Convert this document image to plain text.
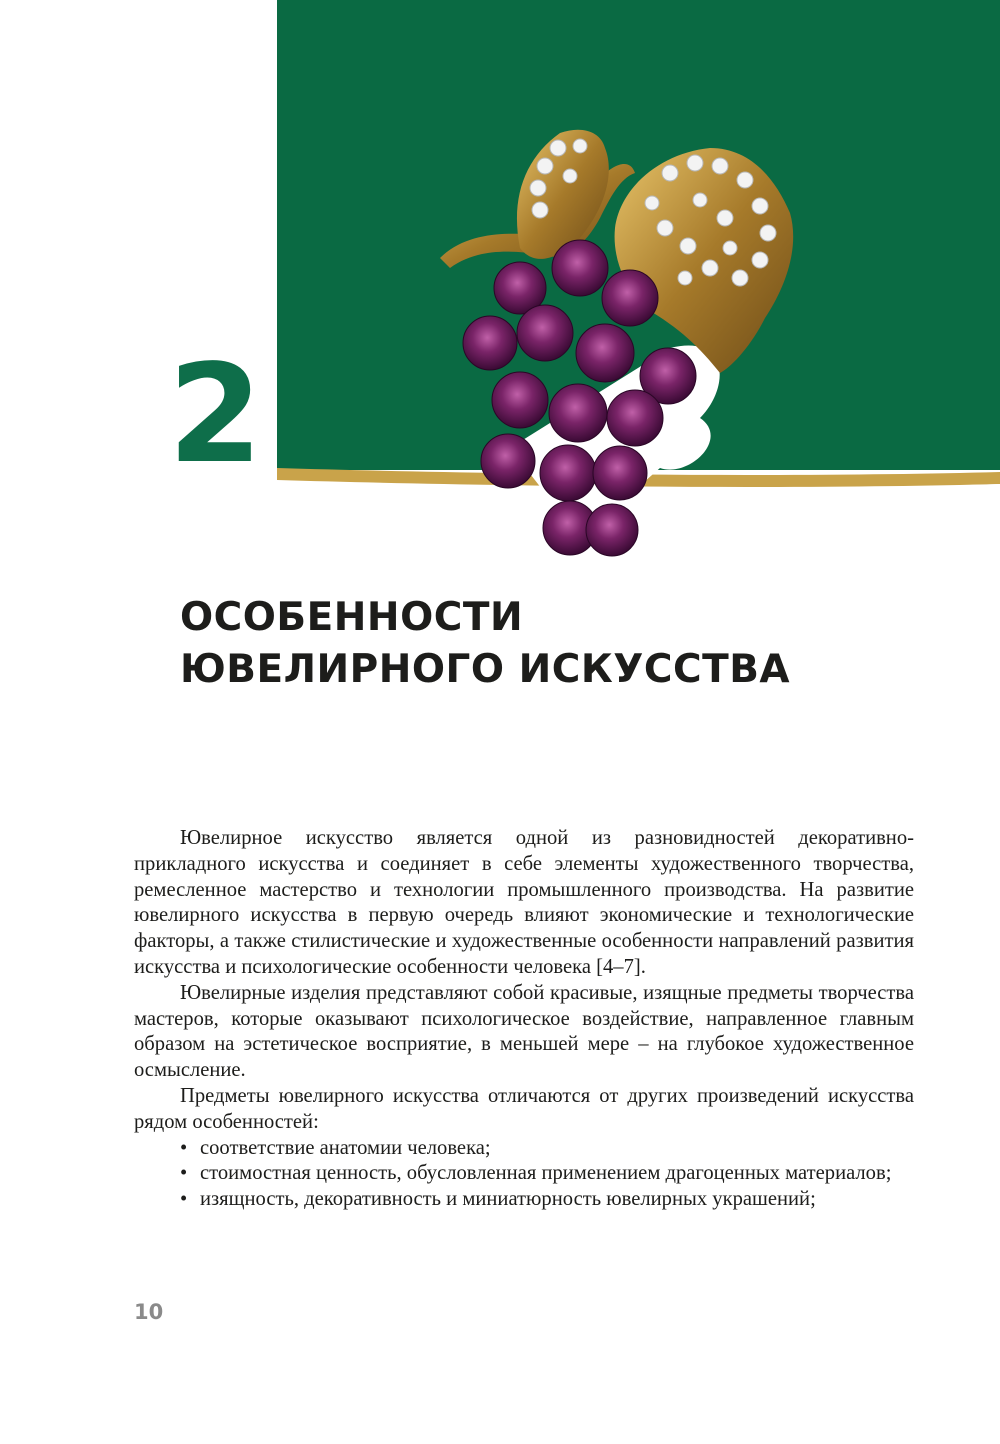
2
ОСОБЕННОСТИ
ЮВЕЛИРНОГО ИСКУССТВА

Ювелирное искусство является одной из разновидностей декоративно-прикладного искусства и соединяет в себе элементы художественного творчества, ремесленное мастерство и технологии промышленного производства. На развитие ювелирного искусства в первую очередь влияют экономические и технологические факторы, а также стилистические и художественные особенности направлений развития искусства и психологические особенности человека [4–7].

Ювелирные изделия представляют собой красивые, изящные предметы творчества мастеров, которые оказывают психологическое воздействие, направленное главным образом на эстетическое восприятие, в меньшей мере – на глубокое художественное осмысление.

Предметы ювелирного искусства отличаются от других произведений искусства рядом особенностей:

• соответствие анатомии человека;

• стоимостная ценность, обусловленная применением драгоценных материалов;

• изящность, декоративность и миниатюрность ювелирных украшений;

10
